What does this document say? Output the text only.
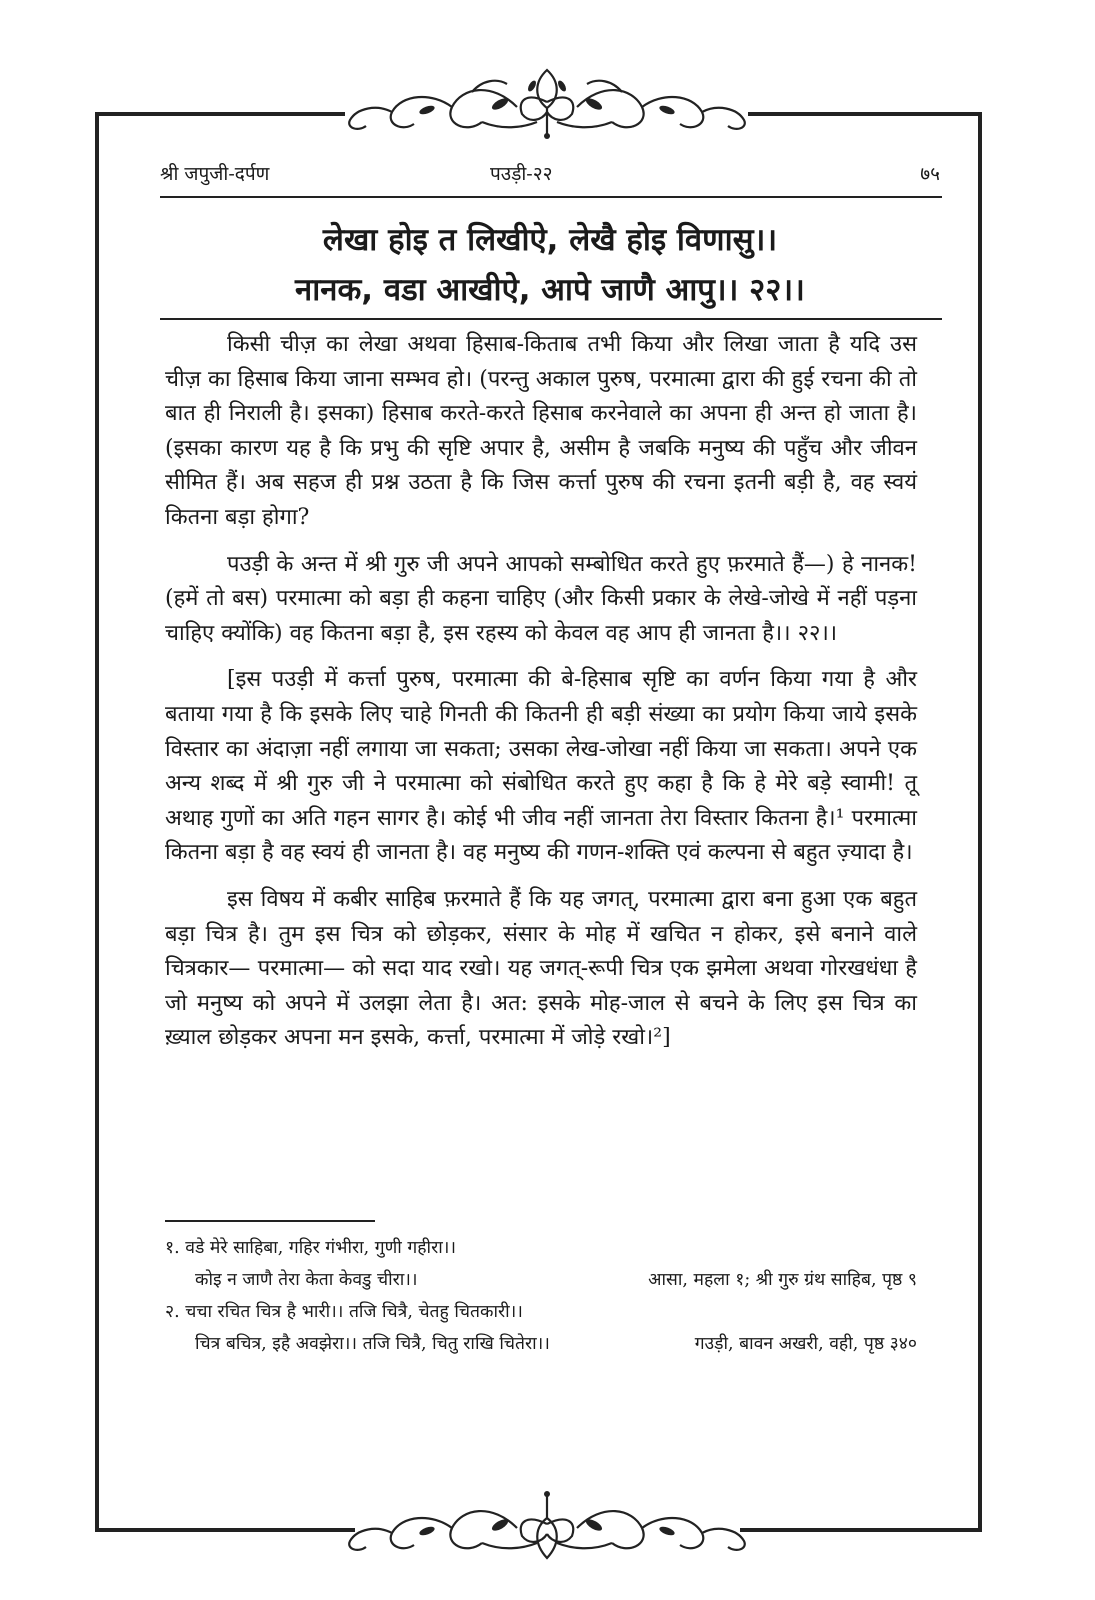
श्री जपुजी-दर्पण	पउड़ी-२२	७५
लेखा होइ त लिखीऐ, लेखै होइ विणासु।।
नानक, वडा आखीऐ, आपे जाणै आपु।। २२।।

किसी चीज़ का लेखा अथवा हिसाब-किताब तभी किया और लिखा जाता है यदि उस चीज़ का हिसाब किया जाना सम्भव हो। (परन्तु अकाल पुरुष, परमात्मा द्वारा की हुई रचना की तो बात ही निराली है। इसका) हिसाब करते-करते हिसाब करनेवाले का अपना ही अन्त हो जाता है। (इसका कारण यह है कि प्रभु की सृष्टि अपार है, असीम है जबकि मनुष्य की पहुँच और जीवन सीमित हैं। अब सहज ही प्रश्न उठता है कि जिस कर्त्ता पुरुष की रचना इतनी बड़ी है, वह स्वयं कितना बड़ा होगा?

पउड़ी के अन्त में श्री गुरु जी अपने आपको सम्बोधित करते हुए फ़रमाते हैं—) हे नानक! (हमें तो बस) परमात्मा को बड़ा ही कहना चाहिए (और किसी प्रकार के लेखे-जोखे में नहीं पड़ना चाहिए क्योंकि) वह कितना बड़ा है, इस रहस्य को केवल वह आप ही जानता है।। २२।।

[इस पउड़ी में कर्त्ता पुरुष, परमात्मा की बे-हिसाब सृष्टि का वर्णन किया गया है और बताया गया है कि इसके लिए चाहे गिनती की कितनी ही बड़ी संख्या का प्रयोग किया जाये इसके विस्तार का अंदाज़ा नहीं लगाया जा सकता; उसका लेख-जोखा नहीं किया जा सकता। अपने एक अन्य शब्द में श्री गुरु जी ने परमात्मा को संबोधित करते हुए कहा है कि हे मेरे बड़े स्वामी! तू अथाह गुणों का अति गहन सागर है। कोई भी जीव नहीं जानता तेरा विस्तार कितना है।¹ परमात्मा कितना बड़ा है वह स्वयं ही जानता है। वह मनुष्य की गणन-शक्ति एवं कल्पना से बहुत ज़्यादा है।

इस विषय में कबीर साहिब फ़रमाते हैं कि यह जगत्, परमात्मा द्वारा बना हुआ एक बहुत बड़ा चित्र है। तुम इस चित्र को छोड़कर, संसार के मोह में खचित न होकर, इसे बनाने वाले चित्रकार— परमात्मा— को सदा याद रखो। यह जगत्-रूपी चित्र एक झमेला अथवा गोरखधंधा है जो मनुष्य को अपने में उलझा लेता है। अत: इसके मोह-जाल से बचने के लिए इस चित्र का ख़्याल छोड़कर अपना मन इसके, कर्त्ता, परमात्मा में जोड़े रखो।²]

१. वडे मेरे साहिबा, गहिर गंभीरा, गुणी गहीरा।।
कोइ न जाणै तेरा केता केवडु चीरा।।	आसा, महला १; श्री गुरु ग्रंथ साहिब, पृष्ठ ९
२. चचा रचित चित्र है भारी।। तजि चित्रै, चेतहु चितकारी।।
चित्र बचित्र, इहै अवझेरा।। तजि चित्रै, चितु राखि चितेरा।।	गउड़ी, बावन अखरी, वही, पृष्ठ ३४०
